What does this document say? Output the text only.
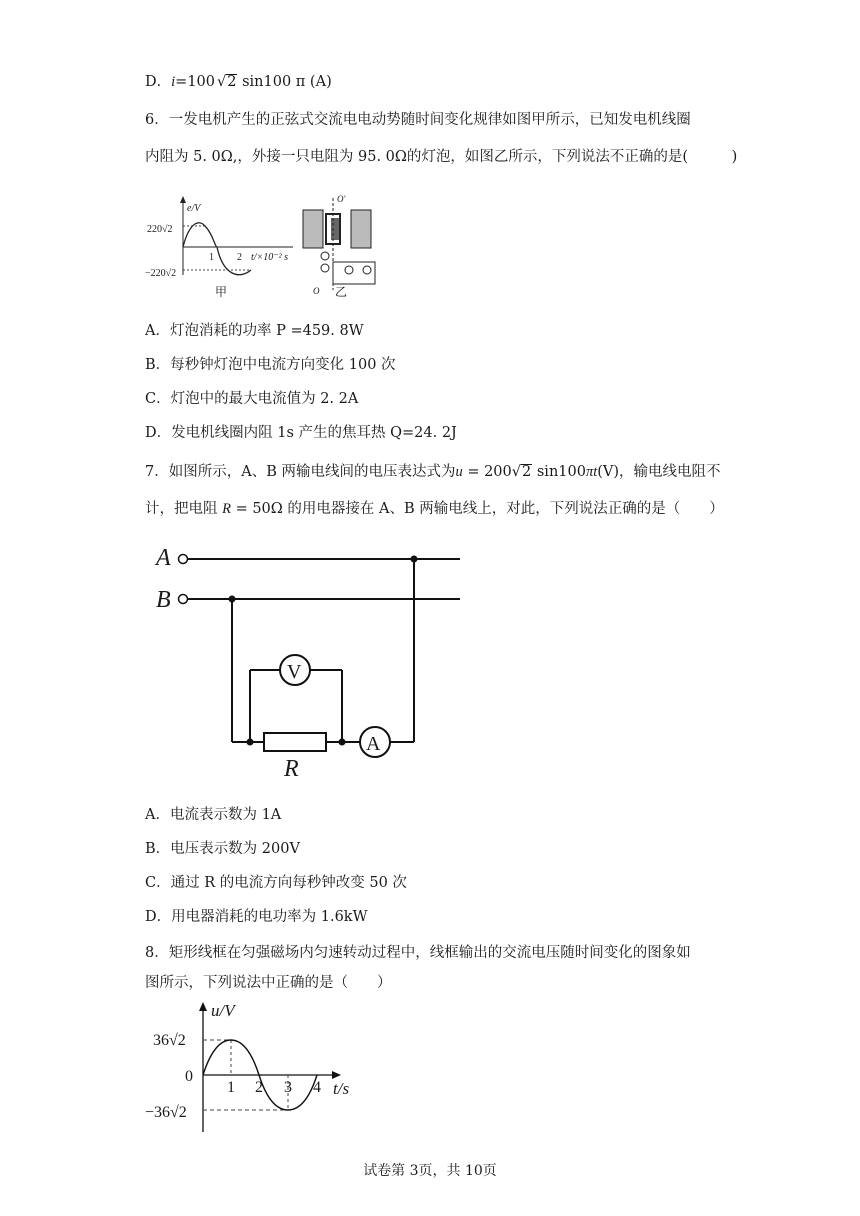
D．i=100 √2 sin100 π (A)
6．一发电机产生的正弦式交流电电动势随时间变化规律如图甲所示，已知发电机线圈
内阻为 5. 0Ω,，外接一只电阻为 95. 0Ω的灯泡，如图乙所示，下列说法不正确的是(　　　)
e/V
220√2
−220√2
1 2 t/×10⁻² s
甲
O'
O 乙
A．灯泡消耗的功率 P =459. 8W
B．每秒钟灯泡中电流方向变化 100 次
C．灯泡中的最大电流值为 2. 2A
D．发电机线圈内阻 1s 产生的焦耳热 Q=24. 2J
7．如图所示，A、B 两输电线间的电压表达式为u = 200√2 sin100πt(V)，输电线电阻不
计，把电阻 R = 50Ω 的用电器接在 A、B 两输电线上，对此，下列说法正确的是（　　）
A
B
V
A
R
A．电流表示数为 1A
B．电压表示数为 200V
C．通过 R 的电流方向每秒钟改变 50 次
D．用电器消耗的电功率为 1.6kW
8．矩形线框在匀强磁场内匀速转动过程中，线框输出的交流电压随时间变化的图象如
图所示，下列说法中正确的是（　　）
u/V
36√2
0
−36√2
1 2 3 4 t/s
试卷第 3页，共 10页
